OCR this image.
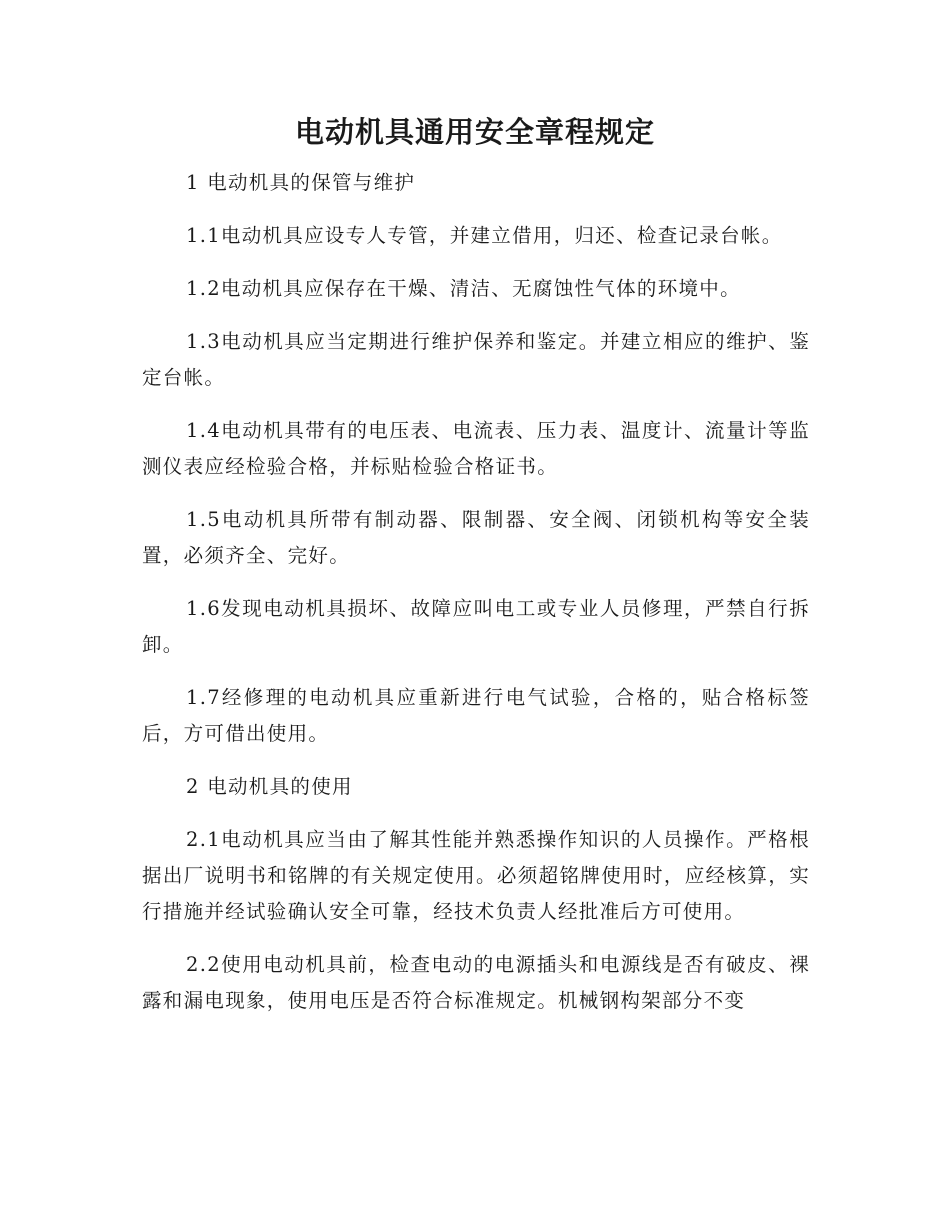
电动机具通用安全章程规定

1 电动机具的保管与维护

1.1电动机具应设专人专管，并建立借用，归还、检查记录台帐。

1.2电动机具应保存在干燥、清洁、无腐蚀性气体的环境中。

1.3电动机具应当定期进行维护保养和鉴定。并建立相应的维护、鉴定台帐。

1.4电动机具带有的电压表、电流表、压力表、温度计、流量计等监测仪表应经检验合格，并标贴检验合格证书。

1.5电动机具所带有制动器、限制器、安全阀、闭锁机构等安全装置，必须齐全、完好。

1.6发现电动机具损坏、故障应叫电工或专业人员修理，严禁自行拆卸。

1.7经修理的电动机具应重新进行电气试验，合格的，贴合格标签后，方可借出使用。

2 电动机具的使用

2.1电动机具应当由了解其性能并熟悉操作知识的人员操作。严格根据出厂说明书和铭牌的有关规定使用。必须超铭牌使用时，应经核算，实行措施并经试验确认安全可靠，经技术负责人经批准后方可使用。

2.2使用电动机具前，检查电动的电源插头和电源线是否有破皮、裸露和漏电现象，使用电压是否符合标准规定。机械钢构架部分不变
